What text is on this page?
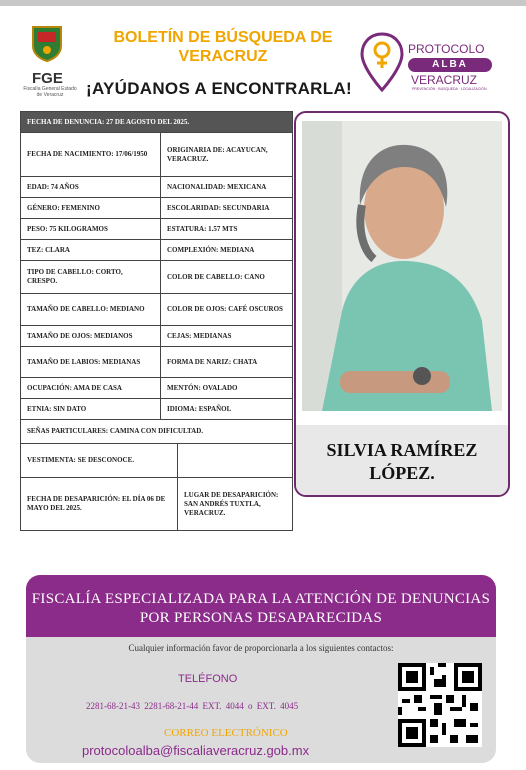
FGE
Fiscalía General Estado de Veracruz
BOLETÍN DE BÚSQUEDA DE VERACRUZ
¡AYÚDANOS A ENCONTRARLA!
PROTOCOLO
ALBA
VERACRUZ
PREVENCIÓN · BÚSQUEDA · LOCALIZACIÓN
FECHA DE DENUNCIA: 27 DE AGOSTO DEL 2025.		
FECHA DE NACIMIENTO: 17/06/1950	ORIGINARIA DE: ACAYUCAN, VERACRUZ.	
EDAD: 74 AÑOS	NACIONALIDAD: MEXICANA	
GÉNERO: FEMENINO	ESCOLARIDAD: SECUNDARIA	
PESO: 75 KILOGRAMOS	ESTATURA: 1.57 MTS	
TEZ: CLARA	COMPLEXIÓN: MEDIANA	
TIPO DE CABELLO: CORTO, CRESPO.	COLOR DE CABELLO: CANO	
TAMAÑO DE CABELLO: MEDIANO	COLOR DE OJOS: CAFÉ OSCUROS	
TAMAÑO DE OJOS: MEDIANOS	CEJAS: MEDIANAS	
TAMAÑO DE LABIOS: MEDIANAS	FORMA DE NARIZ: CHATA	
OCUPACIÓN: AMA DE CASA	MENTÓN: OVALADO	
ETNIA: SIN DATO	IDIOMA: ESPAÑOL	
SEÑAS PARTICULARES: CAMINA CON DIFICULTAD.		
VESTIMENTA: SE DESCONOCE.		
FECHA DE DESAPARICIÓN: EL DÍA 06 DE MAYO DEL 2025.		LUGAR DE DESAPARICIÓN: SAN ANDRÉS TUXTLA, VERACRUZ.
SILVIA RAMÍREZ LÓPEZ.
FISCALÍA ESPECIALIZADA PARA LA ATENCIÓN DE DENUNCIAS POR PERSONAS DESAPARECIDAS
Cualquier información favor de proporcionarla a los siguientes contactos:
TELÉFONO
2281-68-21-43 2281-68-21-44 EXT. 4044 o EXT. 4045
CORREO ELECTRÓNICO
protocoloalba@fiscaliaveracruz.gob.mx
